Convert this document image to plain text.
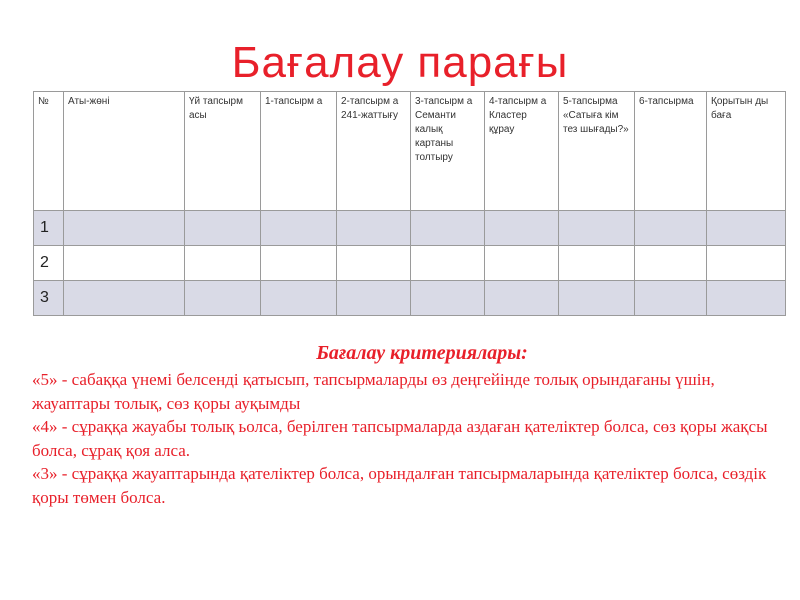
Бағалау парағы
№	Аты-жөні	Үй тапсырм асы	1-тапсырм а	2-тапсырм а 241-жаттығу	3-тапсырм а Семанти калық картаны толтыру	4-тапсырм а Кластер құрау	5-тапсырма «Сатыға кім тез шығады?»	6-тапсырма	Қорытын ды баға
1									
2									
3									
Бағалау критериялары:

«5» - сабаққа үнемі белсенді қатысып, тапсырмаларды өз деңгейінде толық орындағаны үшін, жауаптары толық, сөз қоры ауқымды

«4» - сұраққа жауабы толық ьолса, берілген тапсырмаларда аздаған қателіктер болса, сөз қоры жақсы болса, сұрақ қоя алса.

«3» - сұраққа жауаптарында қателіктер болса, орындалған тапсырмаларында қателіктер болса, сөздік қоры төмен болса.
